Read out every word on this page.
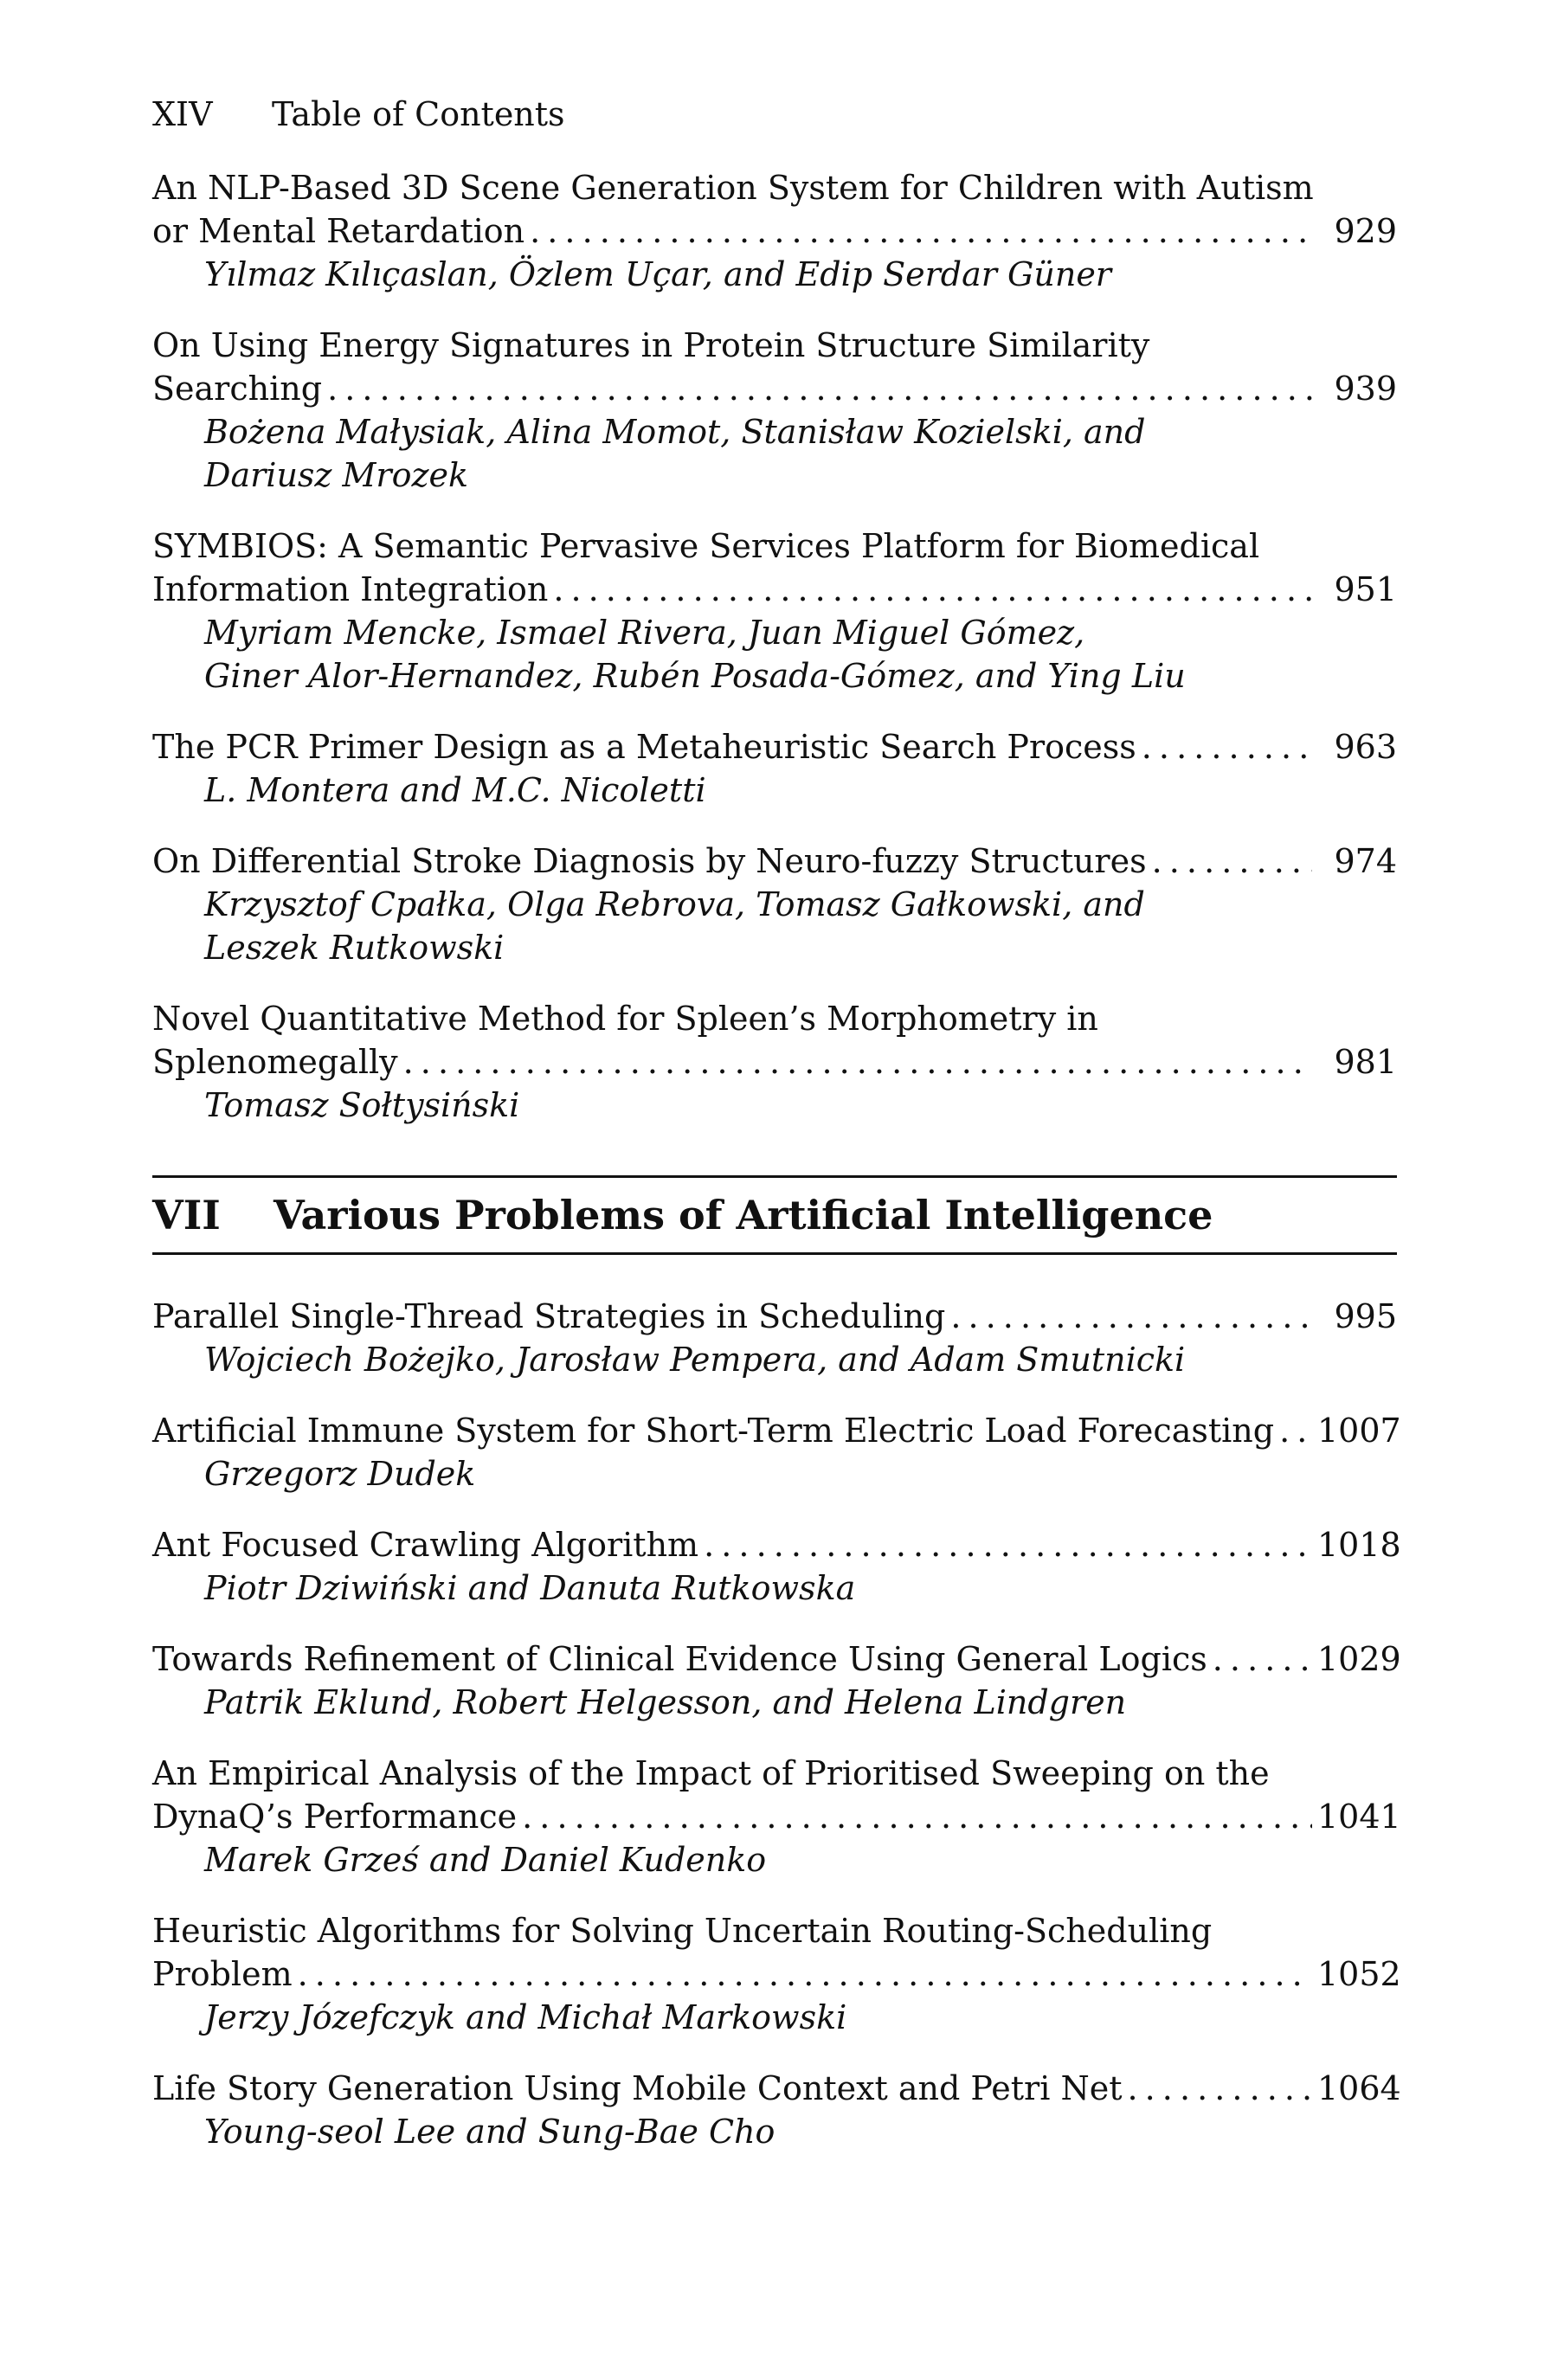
XIV Table of Contents
An NLP-Based 3D Scene Generation System for Children with Autism
or Mental Retardation . . .	929
Yılmaz Kılıçaslan, Özlem Uçar, and Edip Serdar Güner
On Using Energy Signatures in Protein Structure Similarity
Searching . . .	939
Bożena Małysiak, Alina Momot, Stanisław Kozielski, and
Dariusz Mrozek
SYMBIOS: A Semantic Pervasive Services Platform for Biomedical
Information Integration . . .	951
Myriam Mencke, Ismael Rivera, Juan Miguel Gómez,
Giner Alor-Hernandez, Rubén Posada-Gómez, and Ying Liu
The PCR Primer Design as a Metaheuristic Search Process . . .	963
L. Montera and M.C. Nicoletti
On Differential Stroke Diagnosis by Neuro-fuzzy Structures . . .	974
Krzysztof Cpałka, Olga Rebrova, Tomasz Gałkowski, and
Leszek Rutkowski
Novel Quantitative Method for Spleen’s Morphometry in
Splenomegally . . .	981
Tomasz Sołtysiński
VII Various Problems of Artificial Intelligence
Parallel Single-Thread Strategies in Scheduling . . .	995
Wojciech Bożejko, Jarosław Pempera, and Adam Smutnicki
Artificial Immune System for Short-Term Electric Load Forecasting . . . 1007
Grzegorz Dudek
Ant Focused Crawling Algorithm . . .	1018
Piotr Dziwiński and Danuta Rutkowska
Towards Refinement of Clinical Evidence Using General Logics . . .	1029
Patrik Eklund, Robert Helgesson, and Helena Lindgren
An Empirical Analysis of the Impact of Prioritised Sweeping on the
DynaQ’s Performance . . .	1041
Marek Grześ and Daniel Kudenko
Heuristic Algorithms for Solving Uncertain Routing-Scheduling
Problem . . .	1052
Jerzy Józefczyk and Michał Markowski
Life Story Generation Using Mobile Context and Petri Net . . .	1064
Young-seol Lee and Sung-Bae Cho
